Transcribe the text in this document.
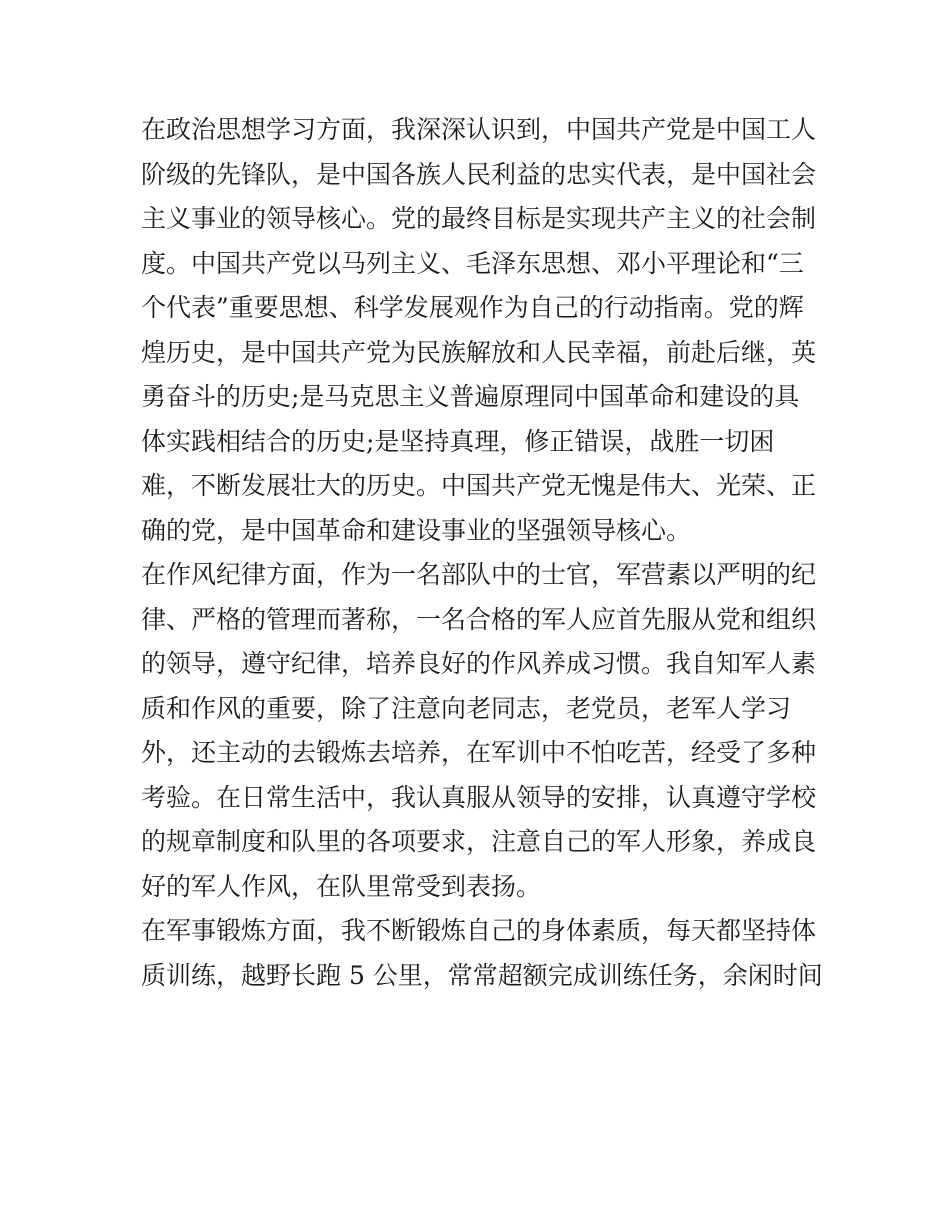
在政治思想学习方面，我深深认识到，中国共产党是中国工人
阶级的先锋队，是中国各族人民利益的忠实代表，是中国社会
主义事业的领导核心。党的最终目标是实现共产主义的社会制
度。中国共产党以马列主义、毛泽东思想、邓小平理论和“三
个代表”重要思想、科学发展观作为自己的行动指南。党的辉
煌历史，是中国共产党为民族解放和人民幸福，前赴后继，英
勇奋斗的历史;是马克思主义普遍原理同中国革命和建设的具
体实践相结合的历史;是坚持真理，修正错误，战胜一切困
难，不断发展壮大的历史。中国共产党无愧是伟大、光荣、正
确的党，是中国革命和建设事业的坚强领导核心。
在作风纪律方面，作为一名部队中的士官，军营素以严明的纪
律、严格的管理而著称，一名合格的军人应首先服从党和组织
的领导，遵守纪律，培养良好的作风养成习惯。我自知军人素
质和作风的重要，除了注意向老同志，老党员，老军人学习
外，还主动的去锻炼去培养，在军训中不怕吃苦，经受了多种
考验。在日常生活中，我认真服从领导的安排，认真遵守学校
的规章制度和队里的各项要求，注意自己的军人形象，养成良
好的军人作风，在队里常受到表扬。
在军事锻炼方面，我不断锻炼自己的身体素质，每天都坚持体
质训练，越野长跑 5 公里，常常超额完成训练任务，余闲时间
